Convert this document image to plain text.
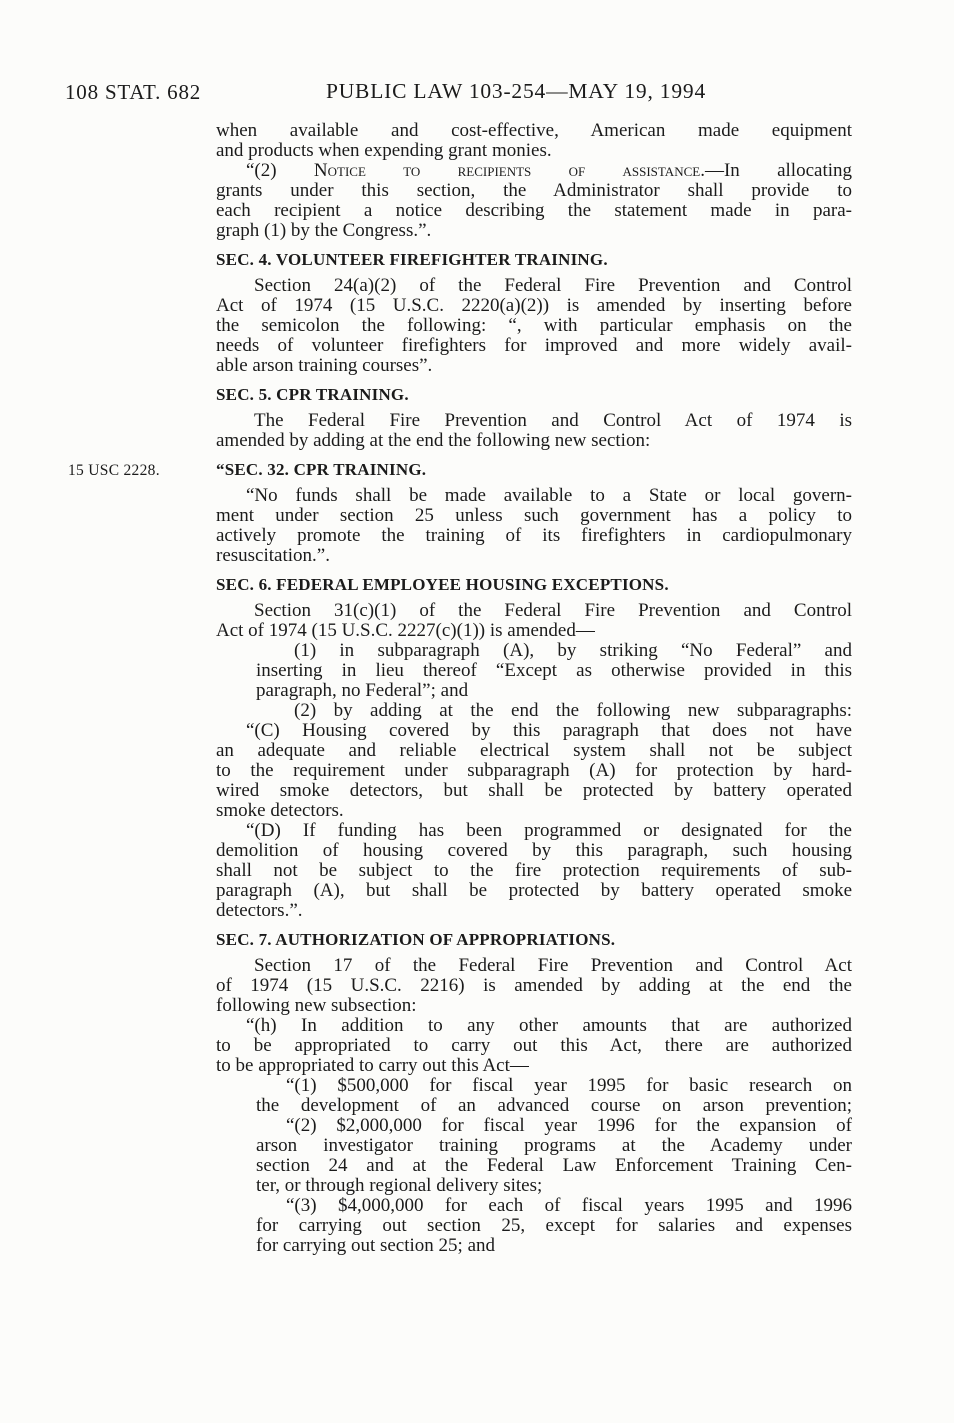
108 STAT. 682	PUBLIC LAW 103-254—MAY 19, 1994
when available and cost-effective, American made equipment
and products when expending grant monies.
“(2) Notice to recipients of assistance.—In allocating
grants under this section, the Administrator shall provide to
each recipient a notice describing the statement made in para-
graph (1) by the Congress.”.
SEC. 4. VOLUNTEER FIREFIGHTER TRAINING.
Section 24(a)(2) of the Federal Fire Prevention and Control
Act of 1974 (15 U.S.C. 2220(a)(2)) is amended by inserting before
the semicolon the following: “, with particular emphasis on the
needs of volunteer firefighters for improved and more widely avail-
able arson training courses”.
SEC. 5. CPR TRAINING.
The Federal Fire Prevention and Control Act of 1974 is
amended by adding at the end the following new section:
15 USC 2228.	“SEC. 32. CPR TRAINING.
“No funds shall be made available to a State or local govern-
ment under section 25 unless such government has a policy to
actively promote the training of its firefighters in cardiopulmonary
resuscitation.”.
SEC. 6. FEDERAL EMPLOYEE HOUSING EXCEPTIONS.
Section 31(c)(1) of the Federal Fire Prevention and Control
Act of 1974 (15 U.S.C. 2227(c)(1)) is amended—
(1) in subparagraph (A), by striking “No Federal” and
inserting in lieu thereof “Except as otherwise provided in this
paragraph, no Federal”; and
(2) by adding at the end the following new subparagraphs:
“(C) Housing covered by this paragraph that does not have
an adequate and reliable electrical system shall not be subject
to the requirement under subparagraph (A) for protection by hard-
wired smoke detectors, but shall be protected by battery operated
smoke detectors.
“(D) If funding has been programmed or designated for the
demolition of housing covered by this paragraph, such housing
shall not be subject to the fire protection requirements of sub-
paragraph (A), but shall be protected by battery operated smoke
detectors.”.
SEC. 7. AUTHORIZATION OF APPROPRIATIONS.
Section 17 of the Federal Fire Prevention and Control Act
of 1974 (15 U.S.C. 2216) is amended by adding at the end the
following new subsection:
“(h) In addition to any other amounts that are authorized
to be appropriated to carry out this Act, there are authorized
to be appropriated to carry out this Act—
“(1) $500,000 for fiscal year 1995 for basic research on
the development of an advanced course on arson prevention;
“(2) $2,000,000 for fiscal year 1996 for the expansion of
arson investigator training programs at the Academy under
section 24 and at the Federal Law Enforcement Training Cen-
ter, or through regional delivery sites;
“(3) $4,000,000 for each of fiscal years 1995 and 1996
for carrying out section 25, except for salaries and expenses
for carrying out section 25; and
